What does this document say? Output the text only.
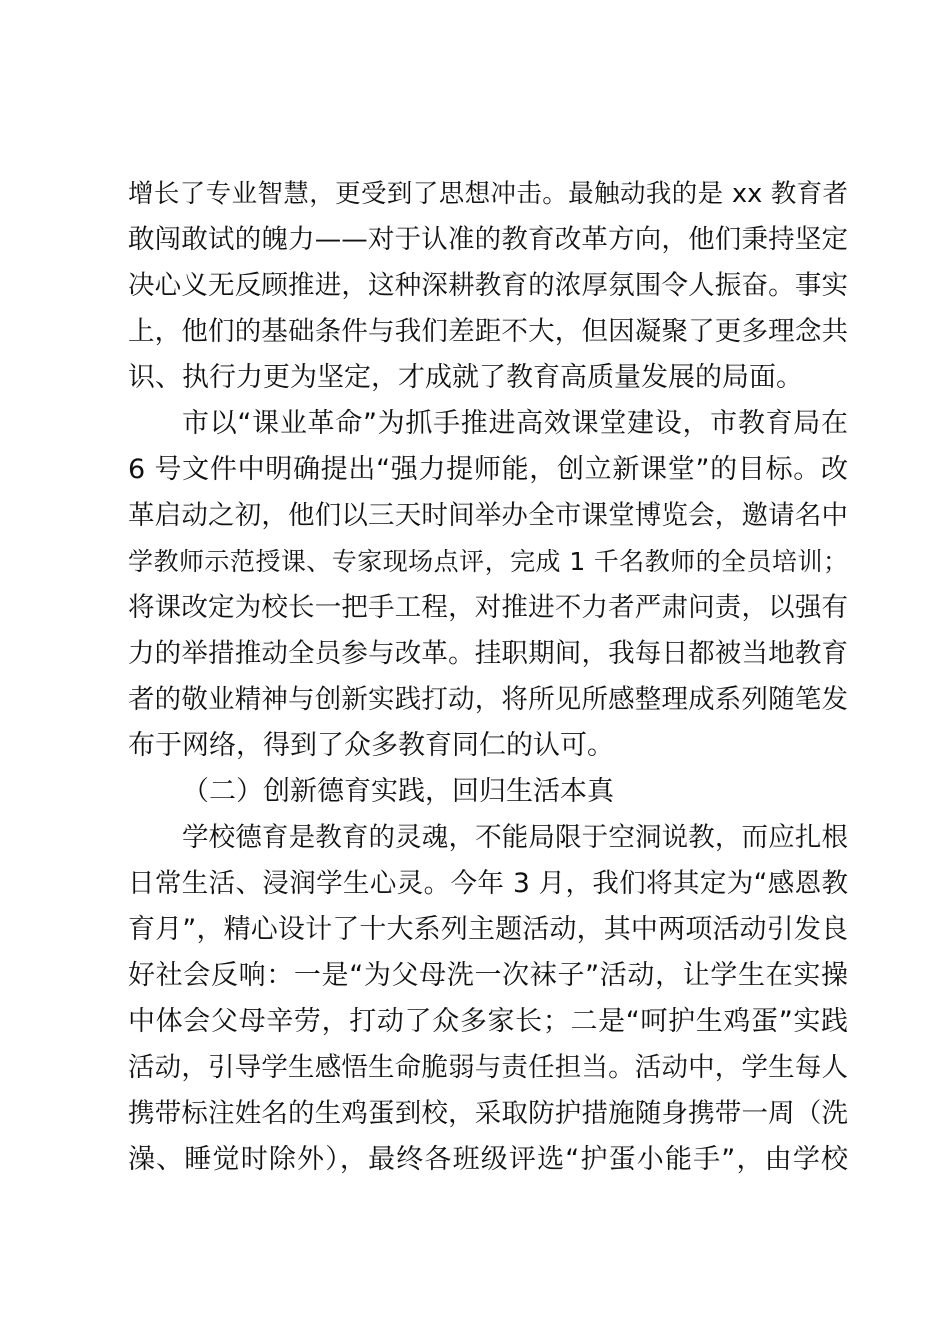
增长了专业智慧，更受到了思想冲击。最触动我的是 xx 教育者
敢闯敢试的魄力——对于认准的教育改革方向，他们秉持坚定
决心义无反顾推进，这种深耕教育的浓厚氛围令人振奋。事实
上，他们的基础条件与我们差距不大，但因凝聚了更多理念共
识、执行力更为坚定，才成就了教育高质量发展的局面。
市以“课业革命”为抓手推进高效课堂建设，市教育局在
6 号文件中明确提出“强力提师能，创立新课堂”的目标。改
革启动之初，他们以三天时间举办全市课堂博览会，邀请名中
学教师示范授课、专家现场点评，完成 1 千名教师的全员培训；
将课改定为校长一把手工程，对推进不力者严肃问责，以强有
力的举措推动全员参与改革。挂职期间，我每日都被当地教育
者的敬业精神与创新实践打动，将所见所感整理成系列随笔发
布于网络，得到了众多教育同仁的认可。
（二）创新德育实践，回归生活本真
学校德育是教育的灵魂，不能局限于空洞说教，而应扎根
日常生活、浸润学生心灵。今年 3 月，我们将其定为“感恩教
育月”，精心设计了十大系列主题活动，其中两项活动引发良
好社会反响：一是“为父母洗一次袜子”活动，让学生在实操
中体会父母辛劳，打动了众多家长；二是“呵护生鸡蛋”实践
活动，引导学生感悟生命脆弱与责任担当。活动中，学生每人
携带标注姓名的生鸡蛋到校，采取防护措施随身携带一周（洗
澡、睡觉时除外），最终各班级评选“护蛋小能手”，由学校
